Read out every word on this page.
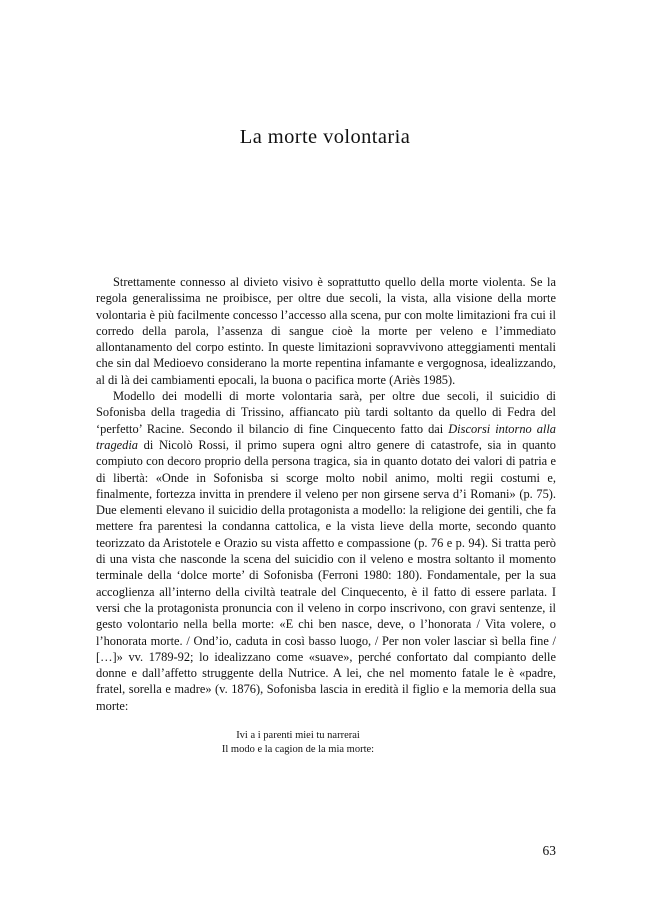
La morte volontaria

Strettamente connesso al divieto visivo è soprattutto quello della morte violenta. Se la regola generalissima ne proibisce, per oltre due secoli, la vista, alla visione della morte volontaria è più facilmente concesso l’accesso alla scena, pur con molte limitazioni fra cui il corredo della parola, l’assenza di sangue cioè la morte per veleno e l’immediato allontanamento del corpo estinto. In queste limitazioni sopravvivono atteggiamenti mentali che sin dal Medioevo considerano la morte repentina infamante e vergognosa, idealizzando, al di là dei cambiamenti epocali, la buona o pacifica morte (Ariès 1985).

Modello dei modelli di morte volontaria sarà, per oltre due secoli, il suicidio di Sofonisba della tragedia di Trissino, affiancato più tardi soltanto da quello di Fedra del ‘perfetto’ Racine. Secondo il bilancio di fine Cinquecento fatto dai Discorsi intorno alla tragedia di Nicolò Rossi, il primo supera ogni altro genere di catastrofe, sia in quanto compiuto con decoro proprio della persona tragica, sia in quanto dotato dei valori di patria e di libertà: «Onde in Sofonisba si scorge molto nobil animo, molti regii costumi e, finalmente, fortezza invitta in prendere il veleno per non girsene serva d’i Romani» (p. 75). Due elementi elevano il suicidio della protagonista a modello: la religione dei gentili, che fa mettere fra parentesi la condanna cattolica, e la vista lieve della morte, secondo quanto teorizzato da Aristotele e Orazio su vista affetto e compassione (p. 76 e p. 94). Si tratta però di una vista che nasconde la scena del suicidio con il veleno e mostra soltanto il momento terminale della ‘dolce morte’ di Sofonisba (Ferroni 1980: 180). Fondamentale, per la sua accoglienza all’interno della civiltà teatrale del Cinquecento, è il fatto di essere parlata. I versi che la protagonista pronuncia con il veleno in corpo inscrivono, con gravi sentenze, il gesto volontario nella bella morte: «E chi ben nasce, deve, o l’honorata / Vita volere, o l’honorata morte. / Ond’io, caduta in così basso luogo, / Per non voler lasciar sì bella fine / […]» vv. 1789-92; lo idealizzano come «suave», perché confortato dal compianto delle donne e dall’affetto struggente della Nutrice. A lei, che nel momento fatale le è «padre, fratel, sorella e madre» (v. 1876), Sofonisba lascia in eredità il figlio e la memoria della sua morte:

Ivi a i parenti miei tu narrerai
Il modo e la cagion de la mia morte:
63
